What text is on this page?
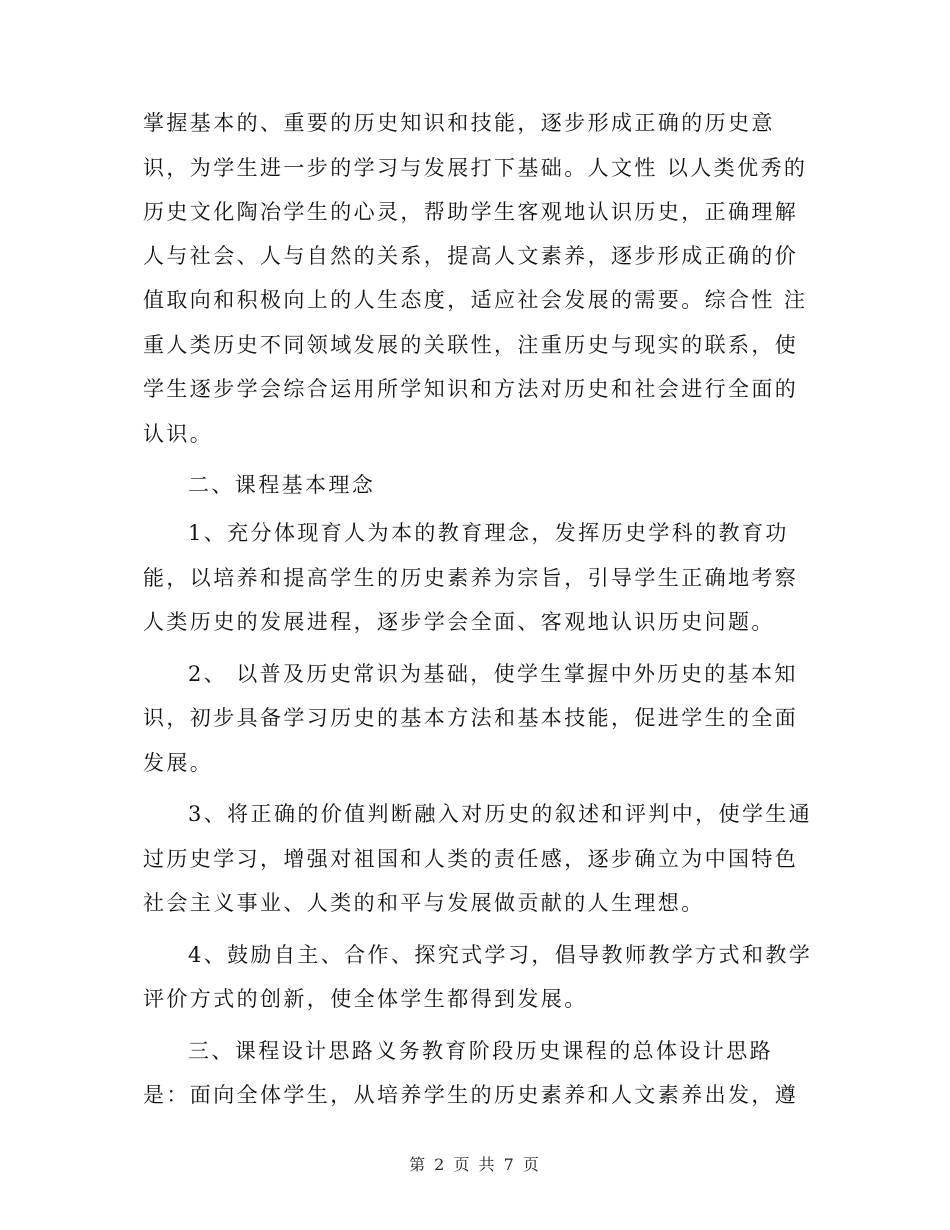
掌握基本的、重要的历史知识和技能，逐步形成正确的历史意
识，为学生进一步的学习与发展打下基础。人文性 以人类优秀的
历史文化陶冶学生的心灵，帮助学生客观地认识历史，正确理解
人与社会、人与自然的关系，提高人文素养，逐步形成正确的价
值取向和积极向上的人生态度，适应社会发展的需要。综合性 注
重人类历史不同领域发展的关联性，注重历史与现实的联系，使
学生逐步学会综合运用所学知识和方法对历史和社会进行全面的
认识。
二、课程基本理念
1、充分体现育人为本的教育理念，发挥历史学科的教育功
能，以培养和提高学生的历史素养为宗旨，引导学生正确地考察
人类历史的发展进程，逐步学会全面、客观地认识历史问题。
2、 以普及历史常识为基础，使学生掌握中外历史的基本知
识，初步具备学习历史的基本方法和基本技能，促进学生的全面
发展。
3、将正确的价值判断融入对历史的叙述和评判中，使学生通
过历史学习，增强对祖国和人类的责任感，逐步确立为中国特色
社会主义事业、人类的和平与发展做贡献的人生理想。
4、鼓励自主、合作、探究式学习，倡导教师教学方式和教学
评价方式的创新，使全体学生都得到发展。
三、课程设计思路义务教育阶段历史课程的总体设计思路
是：面向全体学生，从培养学生的历史素养和人文素养出发，遵
第 2 页 共 7 页
